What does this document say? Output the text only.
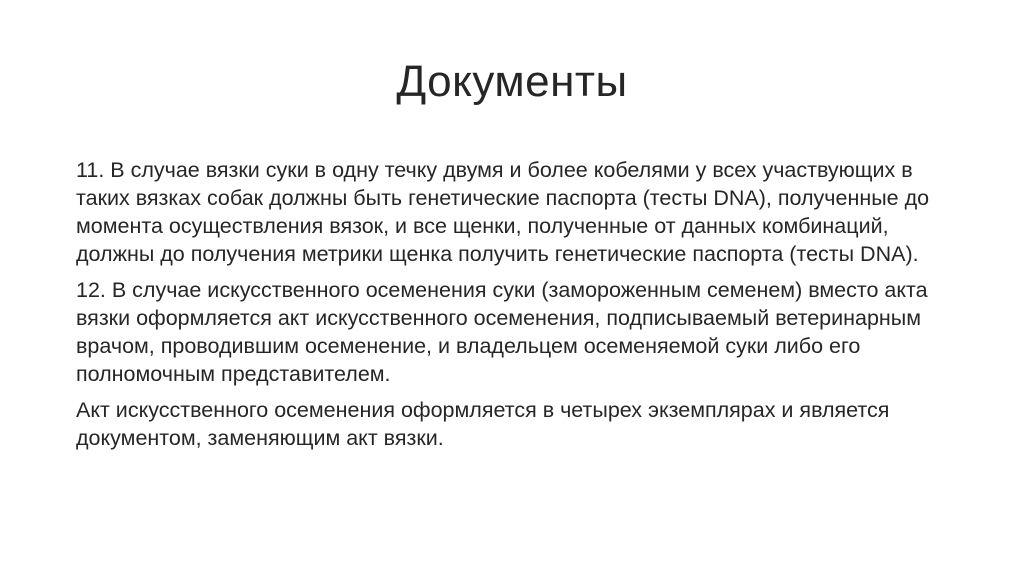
Документы

11. В случае вязки суки в одну течку двумя и более кобелями у всех участвующих в таких вязках собак должны быть генетические паспорта (тесты DNA), полученные до момента осуществления вязок, и все щенки, полученные от данных комбинаций, должны до получения метрики щенка получить генетические паспорта (тесты DNA).

12. В случае искусственного осеменения суки (замороженным семенем) вместо акта вязки оформляется акт искусственного осеменения, подписываемый ветеринарным врачом, проводившим осеменение, и владельцем осеменяемой суки либо его полномочным представителем.

Акт искусственного осеменения оформляется в четырех экземплярах и является документом, заменяющим акт вязки.
